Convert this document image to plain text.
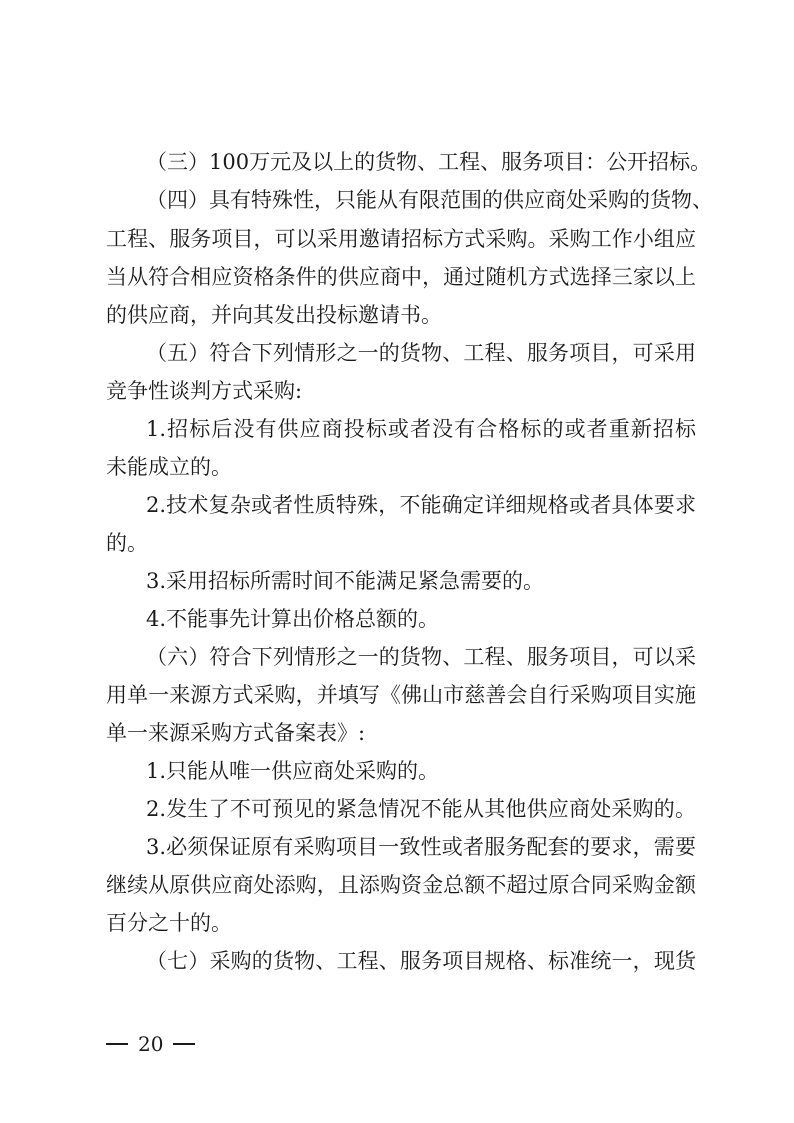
（三）100万元及以上的货物、工程、服务项目：公开招标。
（四）具有特殊性，只能从有限范围的供应商处采购的货物、
工程、服务项目，可以采用邀请招标方式采购。采购工作小组应
当从符合相应资格条件的供应商中，通过随机方式选择三家以上
的供应商，并向其发出投标邀请书。
（五）符合下列情形之一的货物、工程、服务项目，可采用
竞争性谈判方式采购:
1.招标后没有供应商投标或者没有合格标的或者重新招标
未能成立的。
2.技术复杂或者性质特殊，不能确定详细规格或者具体要求
的。
3.采用招标所需时间不能满足紧急需要的。
4.不能事先计算出价格总额的。
（六）符合下列情形之一的货物、工程、服务项目，可以采
用单一来源方式采购，并填写《佛山市慈善会自行采购项目实施
单一来源采购方式备案表》:
1.只能从唯一供应商处采购的。
2.发生了不可预见的紧急情况不能从其他供应商处采购的。
3.必须保证原有采购项目一致性或者服务配套的要求，需要
继续从原供应商处添购，且添购资金总额不超过原合同采购金额
百分之十的。
（七）采购的货物、工程、服务项目规格、标准统一，现货
20
